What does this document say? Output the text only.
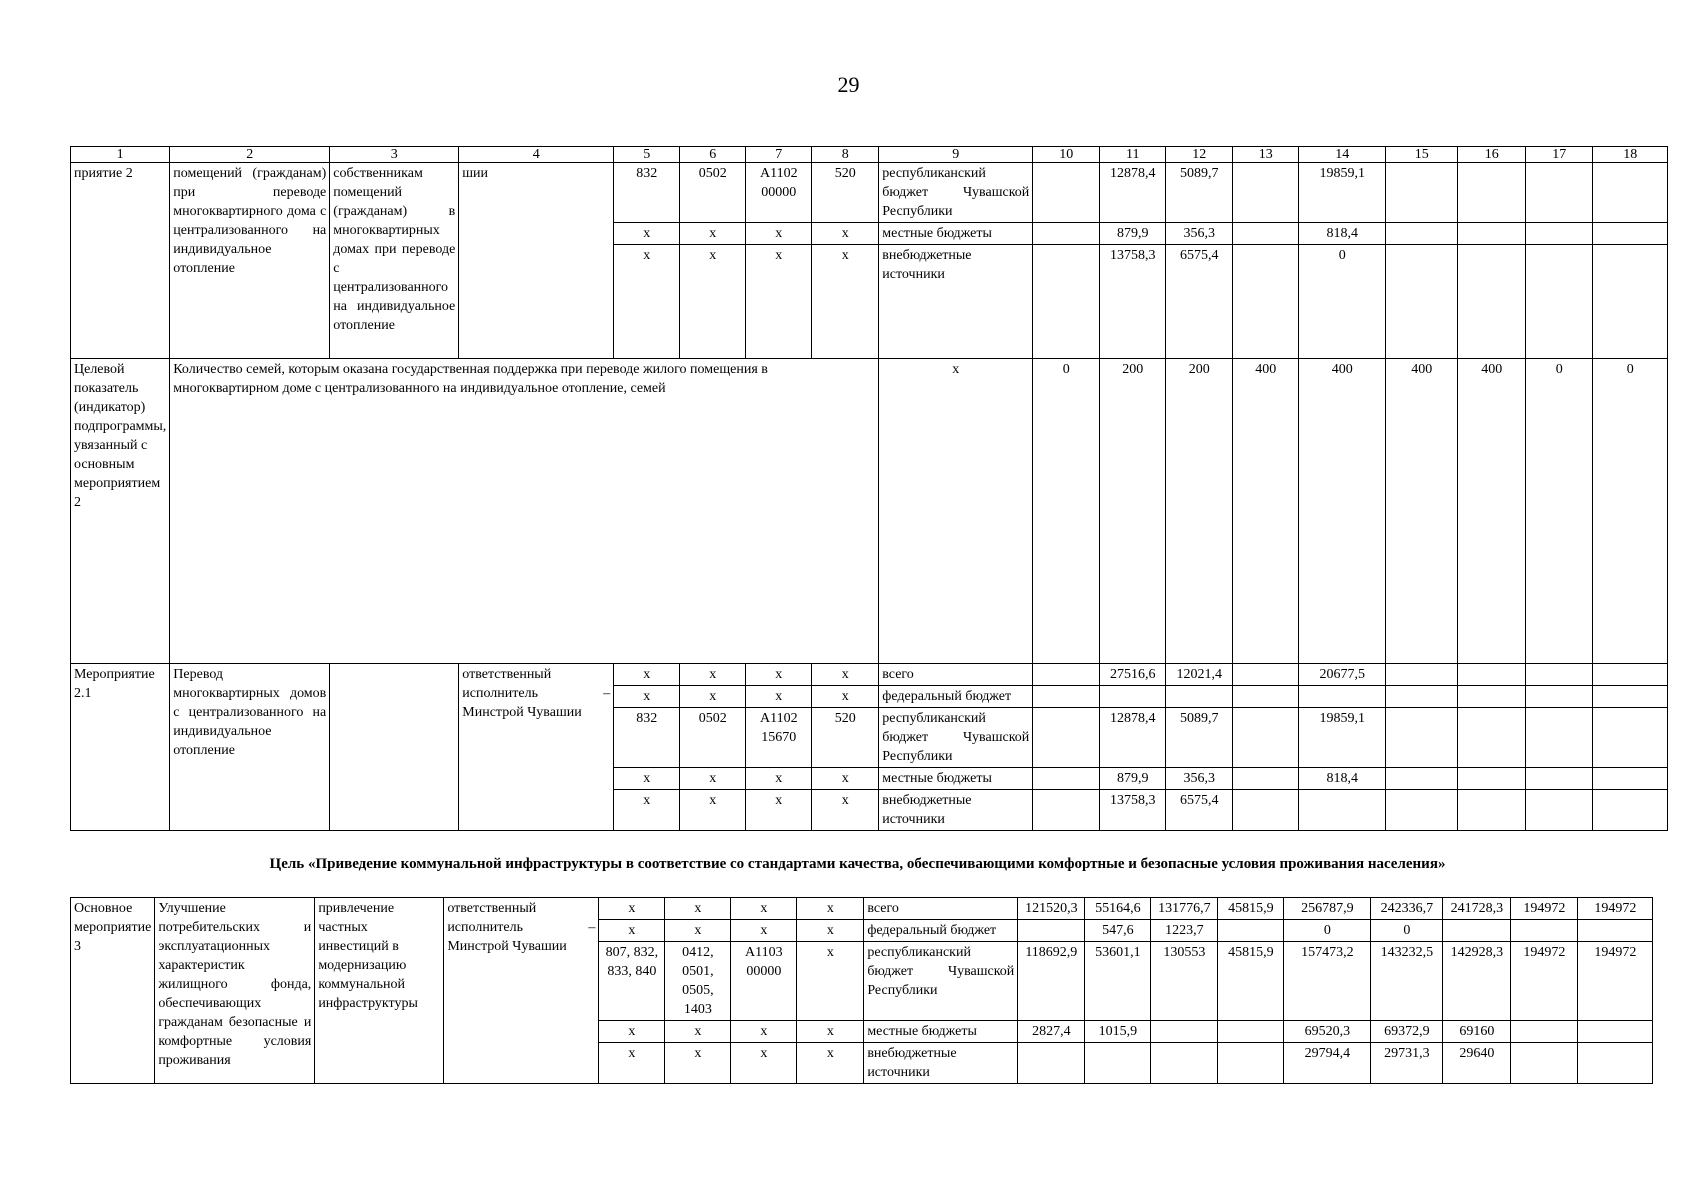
29
1	2	3	4	5	6	7	8	9	10	11	12	13	14	15	16	17	18
приятие 2	помещений (гражданам) при переводе многоквартирного дома с централизованного на индивидуальное отопление	собственникам помещений (гражданам) в многоквартирных домах при переводе с централизованного на индивидуальное отопление	шии	832	0502	А1102 00000	520	республиканский бюджет Чувашской Республики		12878,4	5089,7		19859,1				
				х	х	х	х	местные бюджеты		879,9	356,3		818,4				
				х	х	х	х	внебюджетные источники		13758,3	6575,4		0				
Целевой показатель (индикатор) подпрограммы, увязанный с основным мероприятием 2	Количество семей, которым оказана государственная поддержка при переводе жилого помещения в многоквартирном доме с централизованного на индивидуальное отопление, семей							х	0	200	200	400	400	400	400	0	0
Мероприятие 2.1	Перевод многоквартирных домов с централизованного на индивидуальное отопление		ответственный исполнитель – Минстрой Чувашии	х	х	х	х	всего		27516,6	12021,4		20677,5				
				х	х	х	х	федеральный бюджет									
				832	0502	А1102 15670	520	республиканский бюджет Чувашской Республики		12878,4	5089,7		19859,1				
				х	х	х	х	местные бюджеты		879,9	356,3		818,4				
				х	х	х	х	внебюджетные источники		13758,3	6575,4						
Цель «Приведение коммунальной инфраструктуры в соответствие со стандартами качества, обеспечивающими комфортные и безопасные условия проживания населения»
Основное мероприятие 3	Улучшение потребительских и эксплуатационных характеристик жилищного фонда, обеспечивающих гражданам безопасные и комфортные условия проживания	привлечение частных инвестиций в модернизацию коммунальной инфраструктуры	ответственный исполнитель – Минстрой Чувашии	х	х	х	х	всего	121520,3	55164,6	131776,7	45815,9	256787,9	242336,7	241728,3	194972	194972
				х	х	х	х	федеральный бюджет		547,6	1223,7		0	0			
				807, 832, 833, 840	0412, 0501, 0505, 1403	А1103 00000	х	республиканский бюджет Чувашской Республики	118692,9	53601,1	130553	45815,9	157473,2	143232,5	142928,3	194972	194972
				х	х	х	х	местные бюджеты	2827,4	1015,9			69520,3	69372,9	69160		
				х	х	х	х	внебюджетные источники					29794,4	29731,3	29640		
